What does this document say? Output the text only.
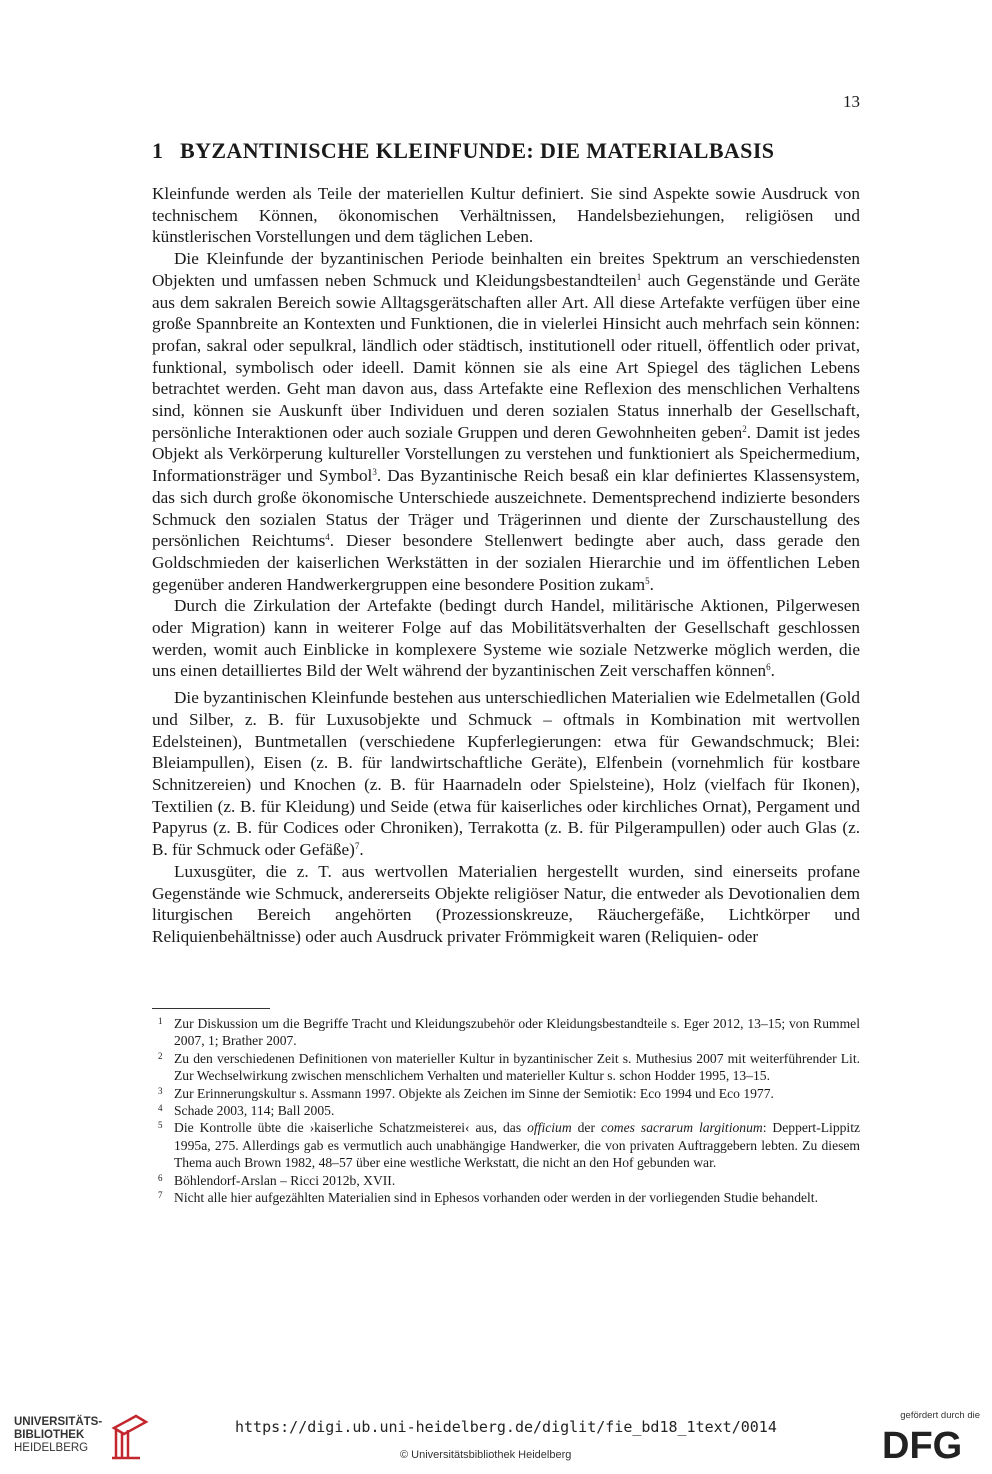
13
1 BYZANTINISCHE KLEINFUNDE: DIE MATERIALBASIS

Kleinfunde werden als Teile der materiellen Kultur definiert. Sie sind Aspekte sowie Ausdruck von technischem Können, ökonomischen Verhältnissen, Handelsbeziehungen, religiösen und künstlerischen Vorstellungen und dem täglichen Leben.

Die Kleinfunde der byzantinischen Periode beinhalten ein breites Spektrum an verschiedensten Objekten und umfassen neben Schmuck und Kleidungsbestandteilen$^1$ auch Gegenstände und Geräte aus dem sakralen Bereich sowie Alltagsgerätschaften aller Art. All diese Artefakte verfügen über eine große Spannbreite an Kontexten und Funktionen, die in vielerlei Hinsicht auch mehrfach sein können: profan, sakral oder sepulkral, ländlich oder städtisch, institutionell oder rituell, öffentlich oder privat, funktional, symbolisch oder ideell. Damit können sie als eine Art Spiegel des täglichen Lebens betrachtet werden. Geht man davon aus, dass Artefakte eine Reflexion des menschlichen Verhaltens sind, können sie Auskunft über Individuen und deren sozialen Status innerhalb der Gesellschaft, persönliche Interaktionen oder auch soziale Gruppen und deren Gewohnheiten geben$^2$. Damit ist jedes Objekt als Verkörperung kultureller Vorstellungen zu verstehen und funktioniert als Speichermedium, Informationsträger und Symbol$^3$. Das Byzantinische Reich besaß ein klar definiertes Klassensystem, das sich durch große ökonomische Unterschiede auszeichnete. Dementsprechend indizierte besonders Schmuck den sozialen Status der Träger und Trägerinnen und diente der Zurschaustellung des persönlichen Reichtums$^4$. Dieser besondere Stellenwert bedingte aber auch, dass gerade den Goldschmieden der kaiserlichen Werkstätten in der sozialen Hierarchie und im öffentlichen Leben gegenüber anderen Handwerkergruppen eine besondere Position zukam$^5$.

Durch die Zirkulation der Artefakte (bedingt durch Handel, militärische Aktionen, Pilgerwesen oder Migration) kann in weiterer Folge auf das Mobilitätsverhalten der Gesellschaft geschlossen werden, womit auch Einblicke in komplexere Systeme wie soziale Netzwerke möglich werden, die uns einen detailliertes Bild der Welt während der byzantinischen Zeit verschaffen können$^6$.

Die byzantinischen Kleinfunde bestehen aus unterschiedlichen Materialien wie Edelmetallen (Gold und Silber, z. B. für Luxusobjekte und Schmuck – oftmals in Kombination mit wertvollen Edelsteinen), Buntmetallen (verschiedene Kupferlegierungen: etwa für Gewandschmuck; Blei: Bleiampullen), Eisen (z. B. für landwirtschaftliche Geräte), Elfenbein (vornehmlich für kostbare Schnitzereien) und Knochen (z. B. für Haarnadeln oder Spielsteine), Holz (vielfach für Ikonen), Textilien (z. B. für Kleidung) und Seide (etwa für kaiserliches oder kirchliches Ornat), Pergament und Papyrus (z. B. für Codices oder Chroniken), Terrakotta (z. B. für Pilgerampullen) oder auch Glas (z. B. für Schmuck oder Gefäße)$^7$.

Luxusgüter, die z. T. aus wertvollen Materialien hergestellt wurden, sind einerseits profane Gegenstände wie Schmuck, andererseits Objekte religiöser Natur, die entweder als Devotionalien dem liturgischen Bereich angehörten (Prozessionskreuze, Räuchergefäße, Lichtkörper und Reliquienbehältnisse) oder auch Ausdruck privater Frömmigkeit waren (Reliquien- oder

1 Zur Diskussion um die Begriffe Tracht und Kleidungszubehör oder Kleidungsbestandteile s. Eger 2012, 13–15; von Rummel 2007, 1; Brather 2007.
2 Zu den verschiedenen Definitionen von materieller Kultur in byzantinischer Zeit s. Muthesius 2007 mit weiterführender Lit. Zur Wechselwirkung zwischen menschlichem Verhalten und materieller Kultur s. schon Hodder 1995, 13–15.
3 Zur Erinnerungskultur s. Assmann 1997. Objekte als Zeichen im Sinne der Semiotik: Eco 1994 und Eco 1977.
4 Schade 2003, 114; Ball 2005.
5 Die Kontrolle übte die ›kaiserliche Schatzmeisterei‹ aus, das officium der comes sacrarum largitionum: Deppert-Lippitz 1995a, 275. Allerdings gab es vermutlich auch unabhängige Handwerker, die von privaten Auftraggebern lebten. Zu diesem Thema auch Brown 1982, 48–57 über eine westliche Werkstatt, die nicht an den Hof gebunden war.
6 Böhlendorf-Arslan – Ricci 2012b, XVII.
7 Nicht alle hier aufgezählten Materialien sind in Ephesos vorhanden oder werden in der vorliegenden Studie behandelt.
UNIVERSITÄTS-
BIBLIOTHEK
HEIDELBERG
https://digi.ub.uni-heidelberg.de/diglit/fie_bd18_1text/0014
© Universitätsbibliothek Heidelberg
gefördert durch die
DFG
